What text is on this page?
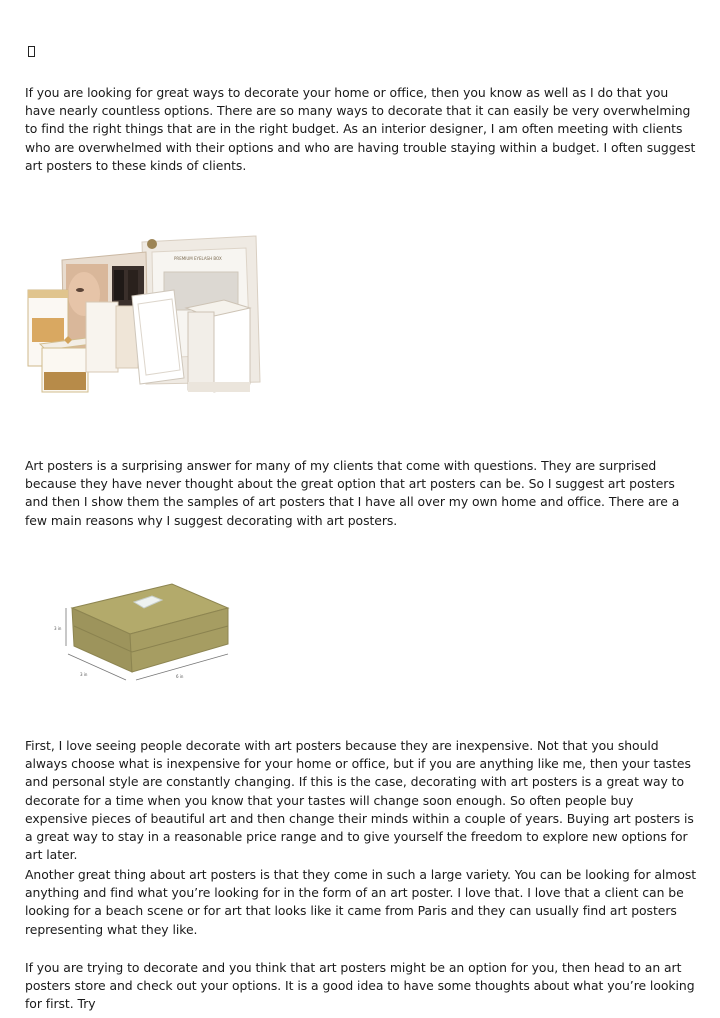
If you are looking for great ways to decorate your home or office, then you know as well as I do that you have nearly countless options. There are so many ways to decorate that it can easily be very overwhelming to find the right things that are in the right budget. As an interior designer, I am often meeting with clients who are overwhelmed with their options and who are having trouble staying within a budget. I often suggest art posters to these kinds of clients.

PREMIUM EYELASH BOX

Art posters is a surprising answer for many of my clients that come with questions. They are surprised because they have never thought about the great option that art posters can be. So I suggest art posters and then I show them the samples of art posters that I have all over my own home and office. There are a few main reasons why I suggest decorating with art posters.

3 in
3 in	6 in

First, I love seeing people decorate with art posters because they are inexpensive. Not that you should always choose what is inexpensive for your home or office, but if you are anything like me, then your tastes and personal style are constantly changing. If this is the case, decorating with art posters is a great way to decorate for a time when you know that your tastes will change soon enough. So often people buy expensive pieces of beautiful art and then change their minds within a couple of years. Buying art posters is a great way to stay in a reasonable price range and to give yourself the freedom to explore new options for art later.

Another great thing about art posters is that they come in such a large variety. You can be looking for almost anything and find what you’re looking for in the form of an art poster. I love that. I love that a client can be looking for a beach scene or for art that looks like it came from Paris and they can usually find art posters representing what they like.

If you are trying to decorate and you think that art posters might be an option for you, then head to an art posters store and check out your options. It is a good idea to have some thoughts about what you’re looking for first. Try
